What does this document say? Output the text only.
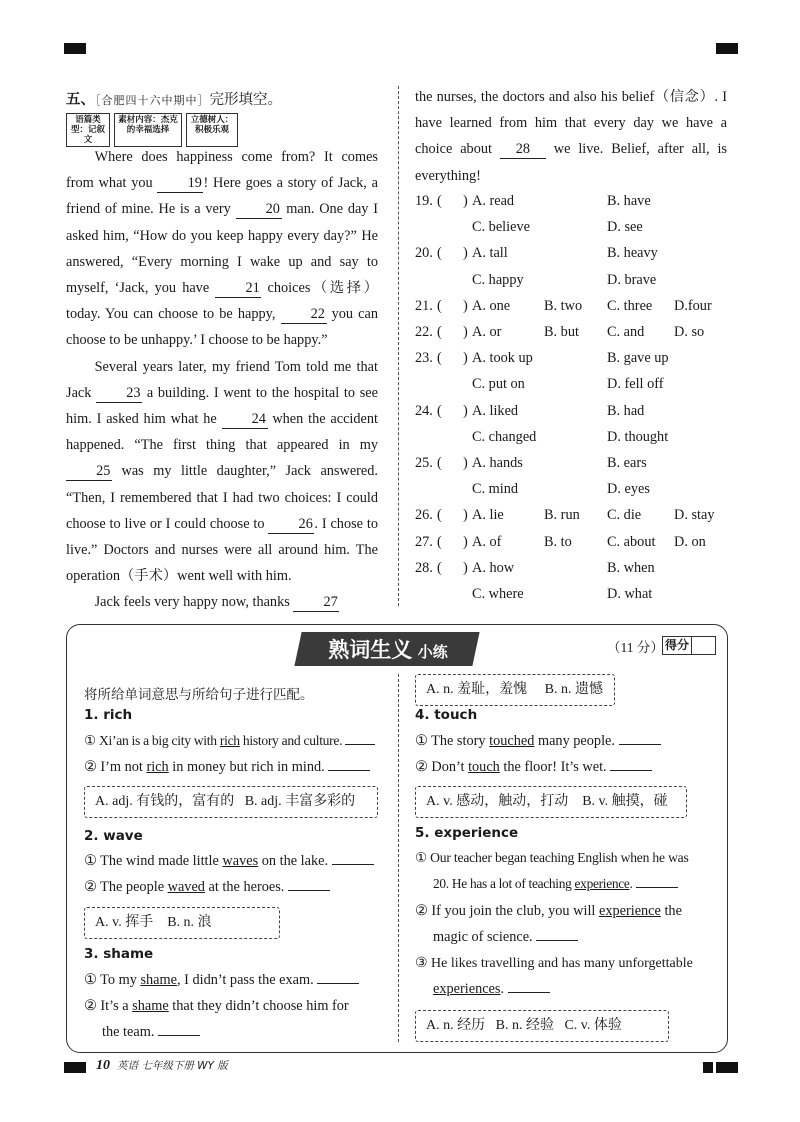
五、［合肥四十六中期中］完形填空。
语篇类型：记叙文
素材内容：杰克的幸福选择
立德树人：积极乐观

Where does happiness come from? It comes from what you 19 ! Here goes a story of Jack, a friend of mine. He is a very 20 man. One day I asked him, “How do you keep happy every day?” He answered, “Every morning I wake up and say to myself, ‘Jack, you have 21 choices（选择）today. You can choose to be happy, 22 you can choose to be unhappy.’ I choose to be happy.”

Several years later, my friend Tom told me that Jack 23 a building. I went to the hospital to see him. I asked him what he 24 when the accident happened. “The first thing that appeared in my 25 was my little daughter,” Jack answered. “Then, I remembered that I had two choices: I could choose to live or I could choose to 26 . I chose to live.” Doctors and nurses were all around him. The operation（手术）went well with him.

Jack feels very happy now, thanks 27

the nurses, the doctors and also his belief（信念）. I have learned from him that every day we have a choice about 28 we live. Belief, after all, is everything!
19. ( ) A. read	B. have
C. believe	D. see
20. ( ) A. tall	B. heavy
C. happy	D. brave
21. ( ) A. one B. two C. three D.four
22. ( ) A. or	B. but C. and D. so
23. ( ) A. took up	B. gave up
C. put on	D. fell off
24. ( ) A. liked	B. had
C. changed	D. thought
25. ( ) A. hands	B. ears
C. mind	D. eyes
26. ( ) A. lie	B. run C. die D. stay
27. ( ) A. of	B. to C. about D. on
28. ( ) A. how	B. when
C. where	D. what
熟词生义 小练	（11 分） 得分
将所给单词意思与所给句子进行匹配。
1. rich
① Xi’an is a big city with rich history and culture.
② I’m not rich in money but rich in mind.
A. adj. 有钱的，富有的 B. adj. 丰富多彩的
2. wave
① The wind made little waves on the lake.
② The people waved at the heroes.
A. v. 挥手 B. n. 浪
3. shame
① To my shame, I didn’t pass the exam.
② It’s a shame that they didn’t choose him for
the team.
A. n. 羞耻，羞愧 B. n. 遗憾
4. touch
① The story touched many people.
② Don’t touch the floor! It’s wet.
A. v. 感动，触动，打动 B. v. 触摸，碰
5. experience
① Our teacher began teaching English when he was
20. He has a lot of teaching experience.
② If you join the club, you will experience the
magic of science.
③ He likes travelling and has many unforgettable
experiences.
A. n. 经历 B. n. 经验 C. v. 体验
10 英语 七年级下册 WY 版
